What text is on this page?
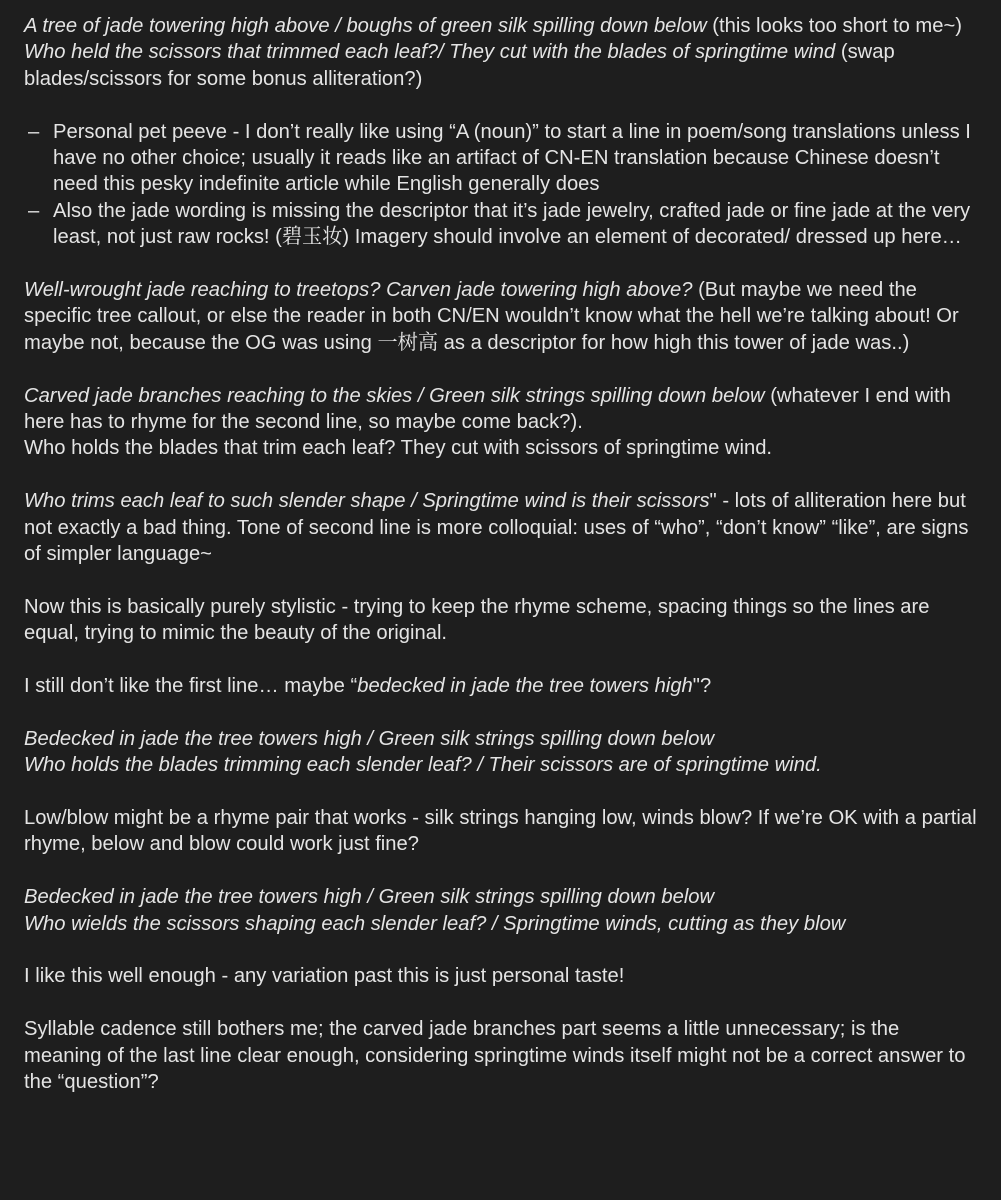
A tree of jade towering high above / boughs of green silk spilling down below (this looks too short to me~)

Who held the scissors that trimmed each leaf?/ They cut with the blades of springtime wind (swap blades/scissors for some bonus alliteration?)

– Personal pet peeve - I don’t really like using “A (noun)” to start a line in poem/song translations unless I have no other choice; usually it reads like an artifact of CN-EN translation because Chinese doesn’t need this pesky indefinite article while English generally does
– Also the jade wording is missing the descriptor that it’s jade jewelry, crafted jade or fine jade at the very least, not just raw rocks! (碧玉妆) Imagery should involve an element of decorated/ dressed up here…

Well-wrought jade reaching to treetops? Carven jade towering high above? (But maybe we need the specific tree callout, or else the reader in both CN/EN wouldn’t know what the hell we’re talking about! Or maybe not, because the OG was using 一树高 as a descriptor for how high this tower of jade was..)

Carved jade branches reaching to the skies / Green silk strings spilling down below (whatever I end with here has to rhyme for the second line, so maybe come back?).

Who holds the blades that trim each leaf? They cut with scissors of springtime wind.

Who trims each leaf to such slender shape / Springtime wind is their scissors" - lots of alliteration here but not exactly a bad thing. Tone of second line is more colloquial: uses of “who”, “don’t know” “like”, are signs of simpler language~

Now this is basically purely stylistic - trying to keep the rhyme scheme, spacing things so the lines are equal, trying to mimic the beauty of the original.

I still don’t like the first line… maybe “bedecked in jade the tree towers high"?

Bedecked in jade the tree towers high / Green silk strings spilling down below

Who holds the blades trimming each slender leaf? / Their scissors are of springtime wind.

Low/blow might be a rhyme pair that works - silk strings hanging low, winds blow? If we’re OK with a partial rhyme, below and blow could work just fine?

Bedecked in jade the tree towers high / Green silk strings spilling down below

Who wields the scissors shaping each slender leaf? / Springtime winds, cutting as they blow

I like this well enough - any variation past this is just personal taste!

Syllable cadence still bothers me; the carved jade branches part seems a little unnecessary; is the meaning of the last line clear enough, considering springtime winds itself might not be a correct answer to the “question”?
